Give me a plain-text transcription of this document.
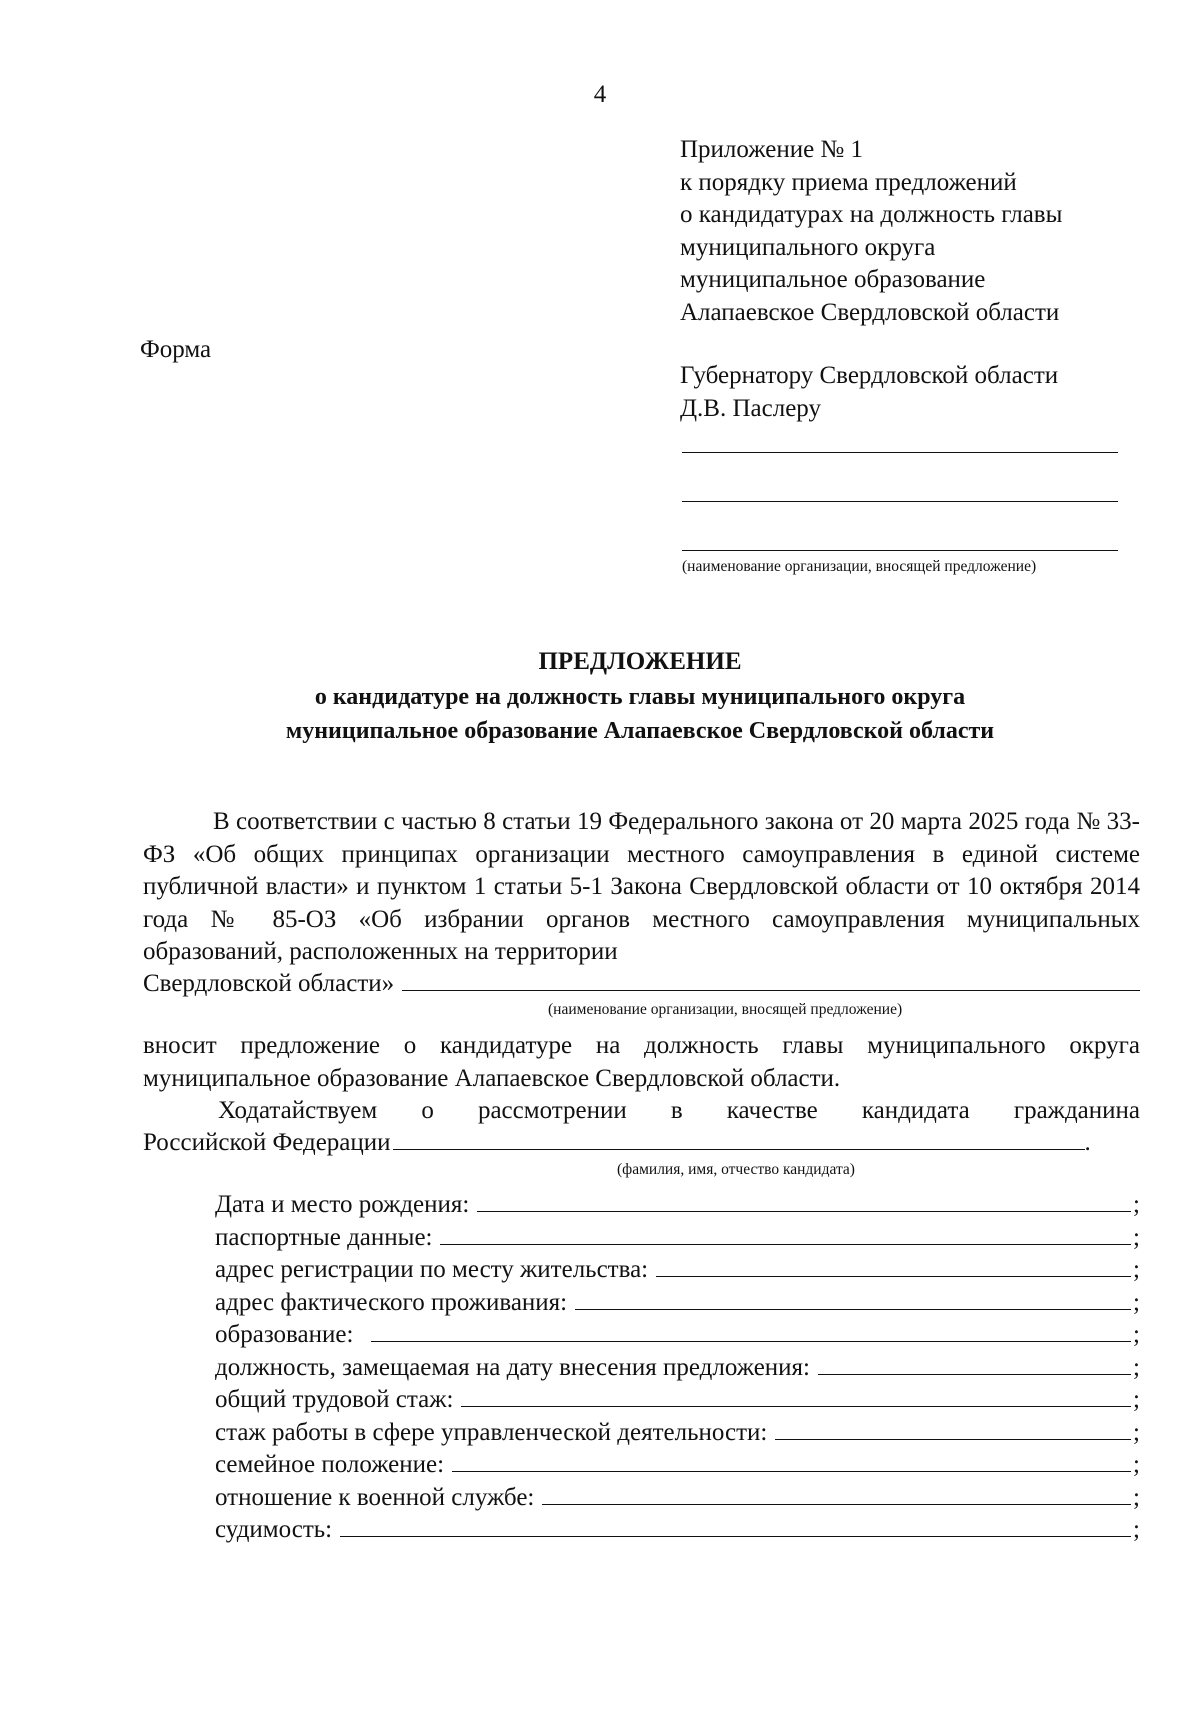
4
Приложение № 1
к порядку приема предложений
о кандидатурах на должность главы
муниципального округа
муниципальное образование
Алапаевское Свердловской области
Форма
Губернатору Свердловской области
Д.В. Паслеру
(наименование организации, вносящей предложение)
ПРЕДЛОЖЕНИЕ
о кандидатуре на должность главы муниципального округа
муниципальное образование Алапаевское Свердловской области
В соответствии с частью 8 статьи 19 Федерального закона от 20 марта 2025 года № 33-ФЗ «Об общих принципах организации местного самоуправления в единой системе публичной власти» и пунктом 1 статьи 5-1 Закона Свердловской области от 10 октября 2014 года № 85-ОЗ «Об избрании органов местного самоуправления муниципальных образований, расположенных на территории
Свердловской области»
(наименование организации, вносящей предложение)
вносит предложение о кандидатуре на должность главы муниципального округа муниципальное образование Алапаевское Свердловской области.
Ходатайствуем о рассмотрении в качестве кандидата гражданина
Российской Федерации	.
(фамилия, имя, отчество кандидата)
Дата и место рождения:	;
паспортные данные:	;
адрес регистрации по месту жительства:	;
адрес фактического проживания:	;
образование:	;
должность, замещаемая на дату внесения предложения:	;
общий трудовой стаж:	;
стаж работы в сфере управленческой деятельности:	;
семейное положение:	;
отношение к военной службе:	;
судимость:	;
